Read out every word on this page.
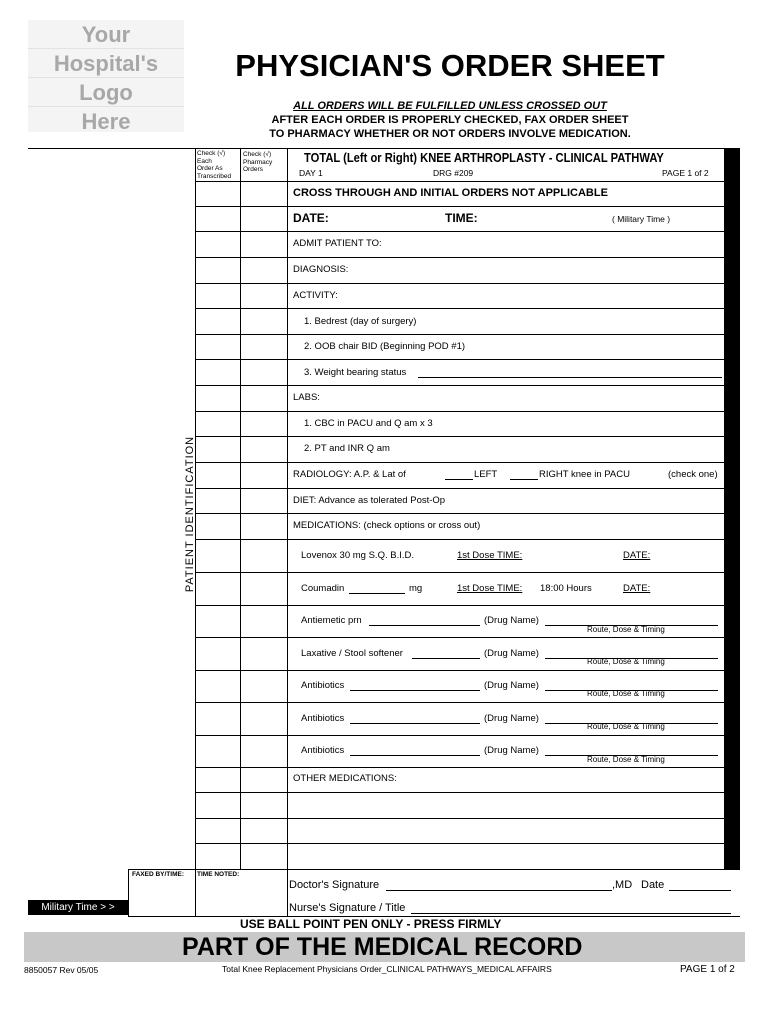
Your
Hospital's
Logo
Here
PHYSICIAN'S ORDER SHEET
ALL ORDERS WILL BE FULFILLED UNLESS CROSSED OUT
AFTER EACH ORDER IS PROPERLY CHECKED, FAX ORDER SHEET
TO PHARMACY WHETHER OR NOT ORDERS INVOLVE MEDICATION.
Check (√)
Each
Order As
Transcribed
Check (√)
Pharmacy
Orders
TOTAL (Left or Right) KNEE ARTHROPLASTY - CLINICAL PATHWAY
DAY 1	DRG #209	PAGE 1 of 2
CROSS THROUGH AND INITIAL ORDERS NOT APPLICABLE
DATE:	TIME:	( Military Time )
ADMIT PATIENT TO:
DIAGNOSIS:
ACTIVITY:
1. Bedrest (day of surgery)
2. OOB chair BID (Beginning POD #1)
3. Weight bearing status
LABS:
1. CBC in PACU and Q am x 3
2. PT and INR Q am
RADIOLOGY: A.P. & Lat of	LEFT	RIGHT knee in PACU	(check one)
DIET: Advance as tolerated Post-Op
MEDICATIONS: (check options or cross out)
Lovenox 30 mg S.Q. B.I.D.	1st Dose TIME:	DATE:
Coumadin	mg	1st Dose TIME: 18:00 Hours	DATE:
Antiemetic prn	(Drug Name)
Route, Dose & Timing
Laxative / Stool softener	(Drug Name)
Route, Dose & Timing
Antibiotics	(Drug Name)
Route, Dose & Timing
Antibiotics	(Drug Name)
Route, Dose & Timing
Antibiotics	(Drug Name)
Route, Dose & Timing
OTHER MEDICATIONS:
PATIENT IDENTIFICATION
FAXED BY/TIME: TIME NOTED:
Military Time > >
Doctor's Signature	,MD Date
Nurse's Signature / Title
USE BALL POINT PEN ONLY - PRESS FIRMLY
PART OF THE MEDICAL RECORD
8850057 Rev 05/05	Total Knee Replacement Physicians Order_CLINICAL PATHWAYS_MEDICAL AFFAIRS	PAGE 1 of 2
